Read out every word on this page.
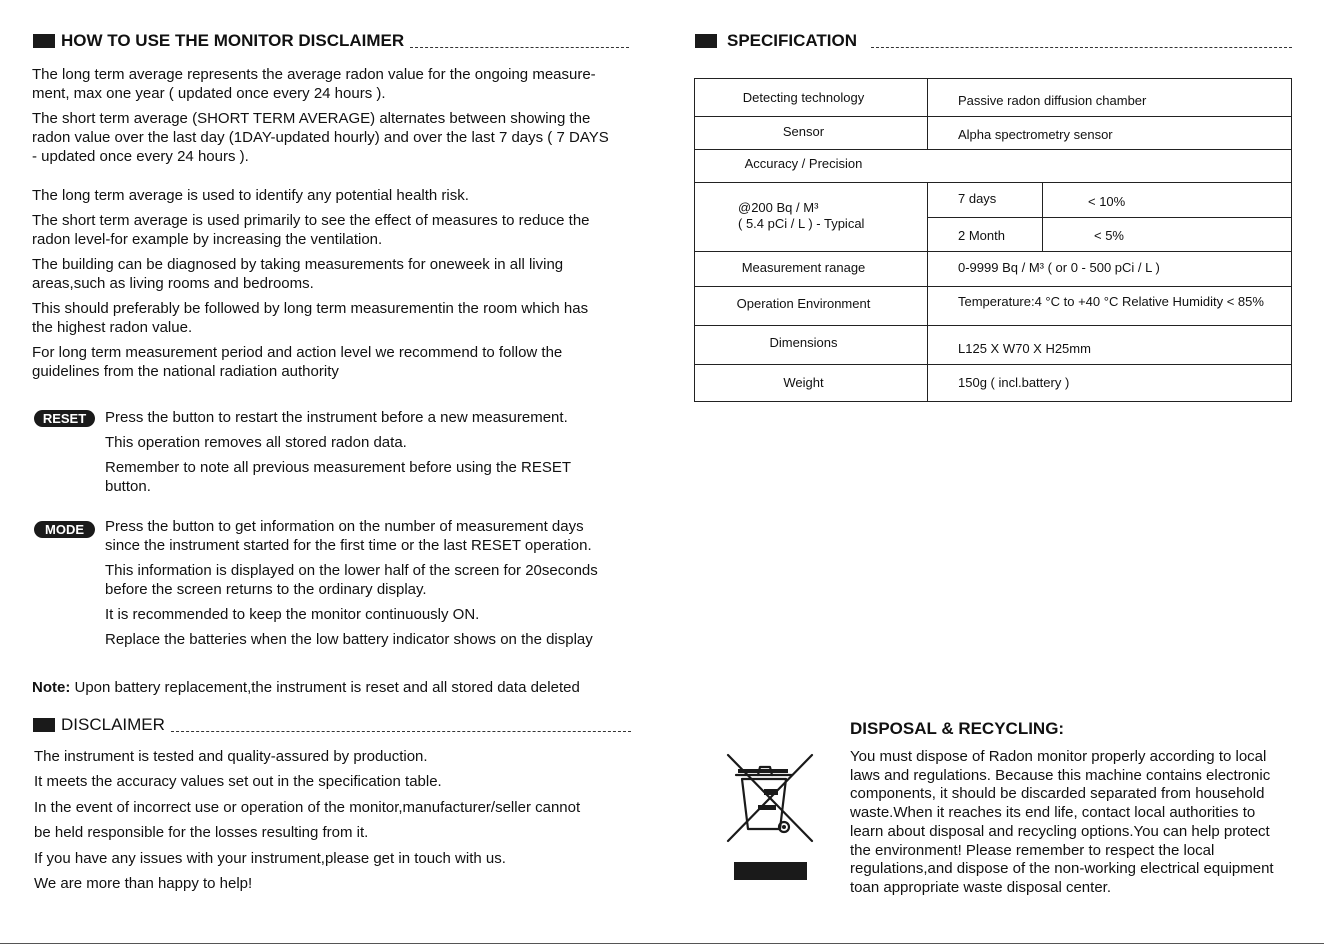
HOW TO USE THE MONITOR DISCLAIMER
The long term average represents the average radon value for the ongoing measure-
ment, max one year ( updated once every 24 hours ).
The short term average (SHORT TERM AVERAGE) alternates between showing the
radon value over the last day (1DAY-updated hourly) and over the last 7 days ( 7 DAYS
- updated once every 24 hours ).
The long term average is used to identify any potential health risk.
The short term average is used primarily to see the effect of measures to reduce the
radon level-for example by increasing the ventilation.
The building can be diagnosed by taking measurements for oneweek in all living
areas,such as living rooms and bedrooms.
This should preferably be followed by long term measurementin the room which has
the highest radon value.
For long term measurement period and action level we recommend to follow the
guidelines from the national radiation authority
RESET	Press the button to restart the instrument before a new measurement.
This operation removes all stored radon data.
Remember to note all previous measurement before using the RESET
button.
MODE	Press the button to get information on the number of measurement days
since the instrument started for the first time or the last RESET operation.
This information is displayed on the lower half of the screen for 20seconds
before the screen returns to the ordinary display.
It is recommended to keep the monitor continuously ON.
Replace the batteries when the low battery indicator shows on the display
Note: Upon battery replacement,the instrument is reset and all stored data deleted
DISCLAIMER
The instrument is tested and quality-assured by production.
It meets the accuracy values set out in the specification table.
In the event of incorrect use or operation of the monitor,manufacturer/seller cannot
be held responsible for the losses resulting from it.
If you have any issues with your instrument,please get in touch with us.
We are more than happy to help!
SPECIFICATION
Detecting technology	Passive radon diffusion chamber
Sensor	Alpha spectrometry sensor
Accuracy / Precision
@200 Bq / M³
( 5.4 pCi / L ) - Typical
7 days	< 10%
2 Month	< 5%
Measurement ranage	0-9999 Bq / M³ ( or 0 - 500 pCi / L )
Operation Environment	Temperature:4 °C to +40 °C Relative Humidity < 85%
Dimensions	L125 X W70 X H25mm
Weight	150g ( incl.battery )
DISPOSAL & RECYCLING:
You must dispose of Radon monitor properly according to local
laws and regulations. Because this machine contains electronic
components, it should be discarded separated from household
waste.When it reaches its end life, contact local authorities to
learn about disposal and recycling options.You can help protect
the environment! Please remember to respect the local
regulations,and dispose of the non-working electrical equipment
toan appropriate waste disposal center.
